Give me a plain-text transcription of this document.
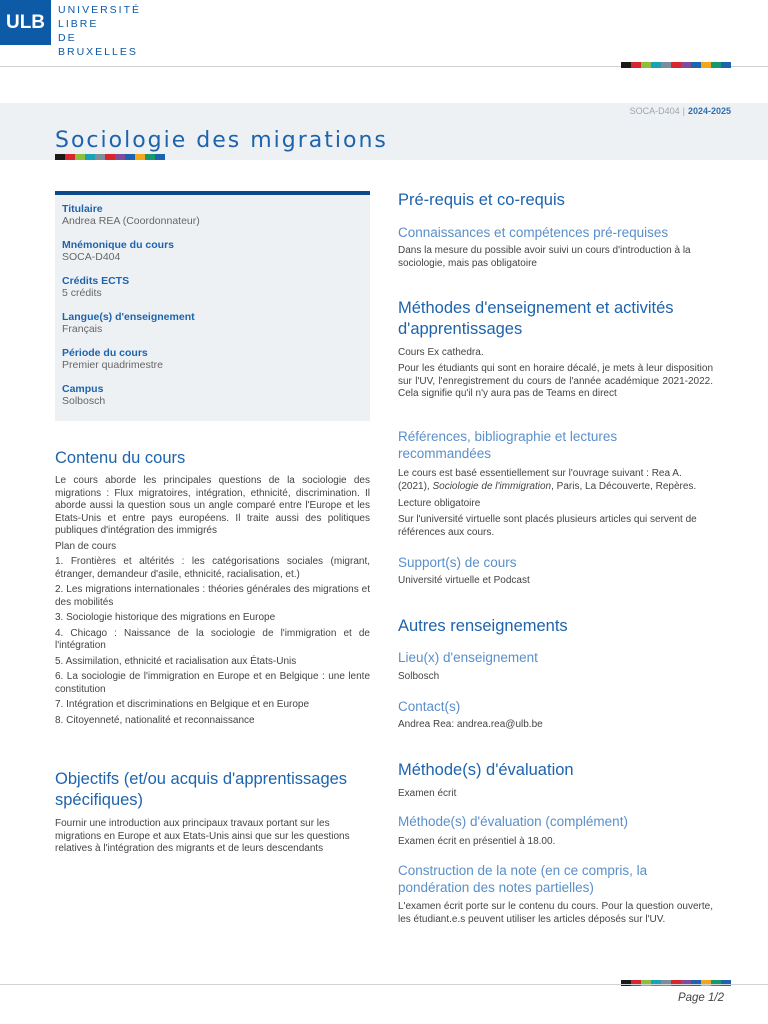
ULB
UNIVERSITÉ
LIBRE
DE BRUXELLES
SOCA-D404 | 2024-2025
Sociologie des migrations
Titulaire
Andrea REA (Coordonnateur)
Mnémonique du cours
SOCA-D404
Crédits ECTS
5 crédits
Langue(s) d'enseignement
Français
Période du cours
Premier quadrimestre
Campus
Solbosch
Contenu du cours

Le cours aborde les principales questions de la sociologie des migrations : Flux migratoires, intégration, ethnicité, discrimination. Il aborde aussi la question sous un angle comparé entre l'Europe et les Etats-Unis et entre pays européens. Il traite aussi des politiques publiques d'intégration des immigrés

Plan de cours

1. Frontières et altérités : les catégorisations sociales (migrant, étranger, demandeur d'asile, ethnicité, racialisation, et.)

2. Les migrations internationales : théories générales des migrations et des mobilités

3. Sociologie historique des migrations en Europe

4. Chicago : Naissance de la sociologie de l'immigration et de l'intégration

5. Assimilation, ethnicité et racialisation aux États-Unis

6. La sociologie de l'immigration en Europe et en Belgique : une lente constitution

7. Intégration et discriminations en Belgique et en Europe

8. Citoyenneté, nationalité et reconnaissance

Objectifs (et/ou acquis d'apprentissages spécifiques)

Fournir une introduction aux principaux travaux portant sur les migrations en Europe et aux Etats-Unis ainsi que sur les questions relatives à l'intégration des migrants et de leurs descendants

Pré-requis et co-requis
Connaissances et compétences pré-requises

Dans la mesure du possible avoir suivi un cours d'introduction à la sociologie, mais pas obligatoire

Méthodes d'enseignement et activités d'apprentissages

Cours Ex cathedra.

Pour les étudiants qui sont en horaire décalé, je mets à leur disposition sur l'UV, l'enregistrement du cours de l'année académique 2021-2022. Cela signifie qu'il n'y aura pas de Teams en direct

Références, bibliographie et lectures recommandées

Le cours est basé essentiellement sur l'ouvrage suivant : Rea A. (2021), Sociologie de l'immigration, Paris, La Découverte, Repères.

Lecture obligatoire

Sur l'université virtuelle sont placés plusieurs articles qui servent de références aux cours.

Support(s) de cours

Université virtuelle et Podcast

Autres renseignements
Lieu(x) d'enseignement

Solbosch

Contact(s)

Andrea Rea: andrea.rea@ulb.be

Méthode(s) d'évaluation

Examen écrit

Méthode(s) d'évaluation (complément)

Examen écrit en présentiel à 18.00.

Construction de la note (en ce compris, la pondération des notes partielles)

L'examen écrit porte sur le contenu du cours. Pour la question ouverte, les étudiant.e.s peuvent utiliser les articles déposés sur l'UV.

Page 1/2
